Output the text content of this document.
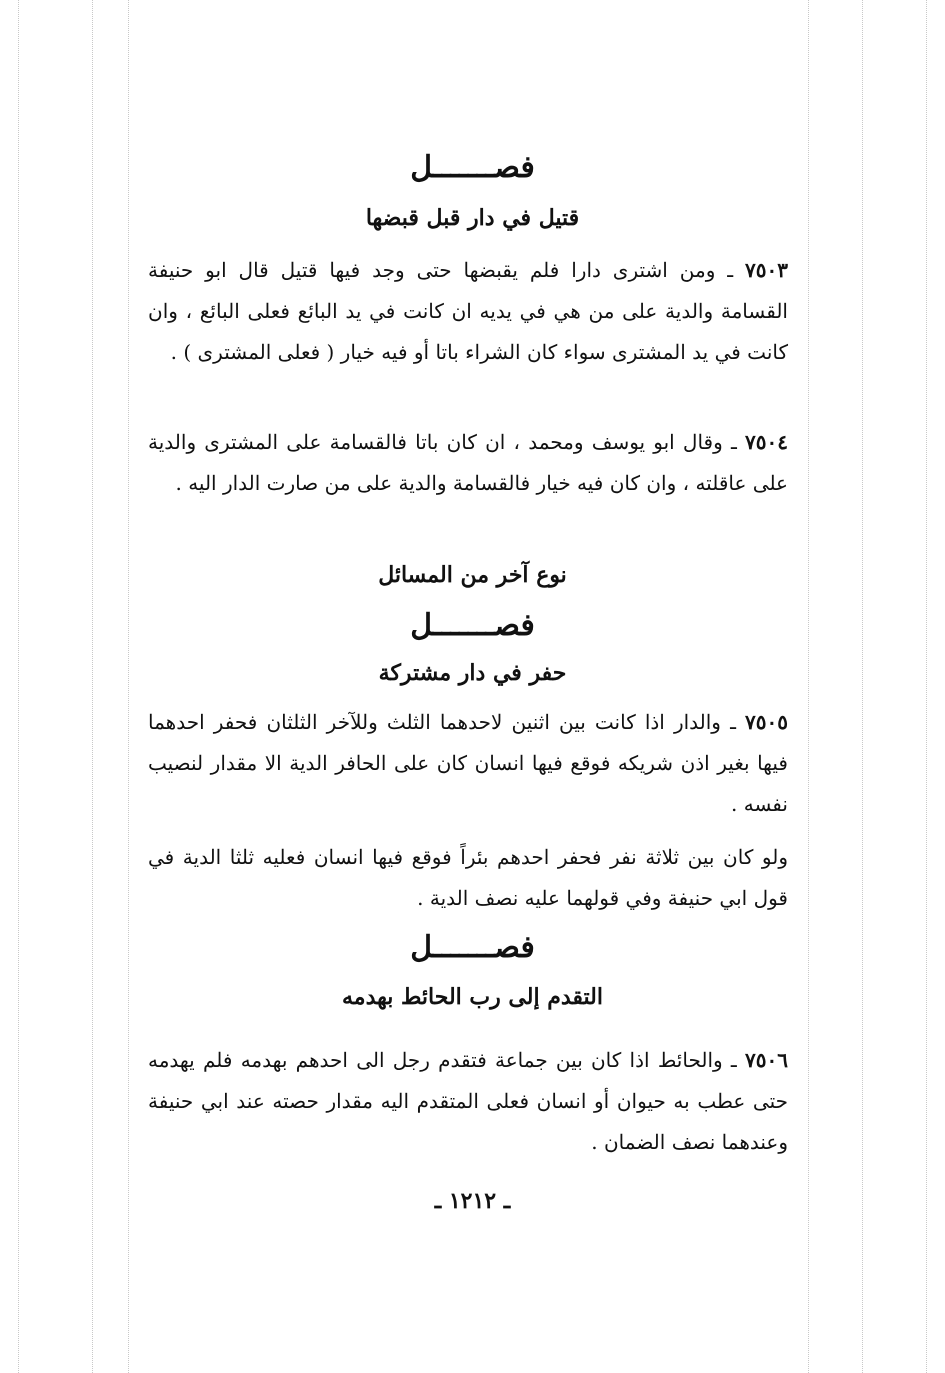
فصـــــــل
قتيل في دار قبل قبضها
٧٥٠٣ ـ ومن اشترى دارا فلم يقبضها حتى وجد فيها قتيل قال ابو حنيفة القسامة والدية على من هي في يديه ان كانت في يد البائع فعلى البائع ، وان كانت في يد المشترى سواء كان الشراء باتا أو فيه خيار ( فعلى المشترى ) .
٧٥٠٤ ـ وقال ابو يوسف ومحمد ، ان كان باتا فالقسامة على المشترى والدية على عاقلته ، وان كان فيه خيار فالقسامة والدية على من صارت الدار اليه .
نوع آخر من المسائل
فصـــــــل
حفر في دار مشتركة
٧٥٠٥ ـ والدار اذا كانت بين اثنين لاحدهما الثلث وللآخر الثلثان فحفر احدهما فيها بغير اذن شريكه فوقع فيها انسان كان على الحافر الدية الا مقدار لنصيب نفسه .
ولو كان بين ثلاثة نفر فحفر احدهم بئراً فوقع فيها انسان فعليه ثلثا الدية في قول ابي حنيفة وفي قولهما عليه نصف الدية .
فصـــــــل
التقدم إلى رب الحائط بهدمه
٧٥٠٦ ـ والحائط اذا كان بين جماعة فتقدم رجل الى احدهم بهدمه فلم يهدمه حتى عطب به حيوان أو انسان فعلى المتقدم اليه مقدار حصته عند ابي حنيفة وعندهما نصف الضمان .
ـ ١٢١٢ ـ
